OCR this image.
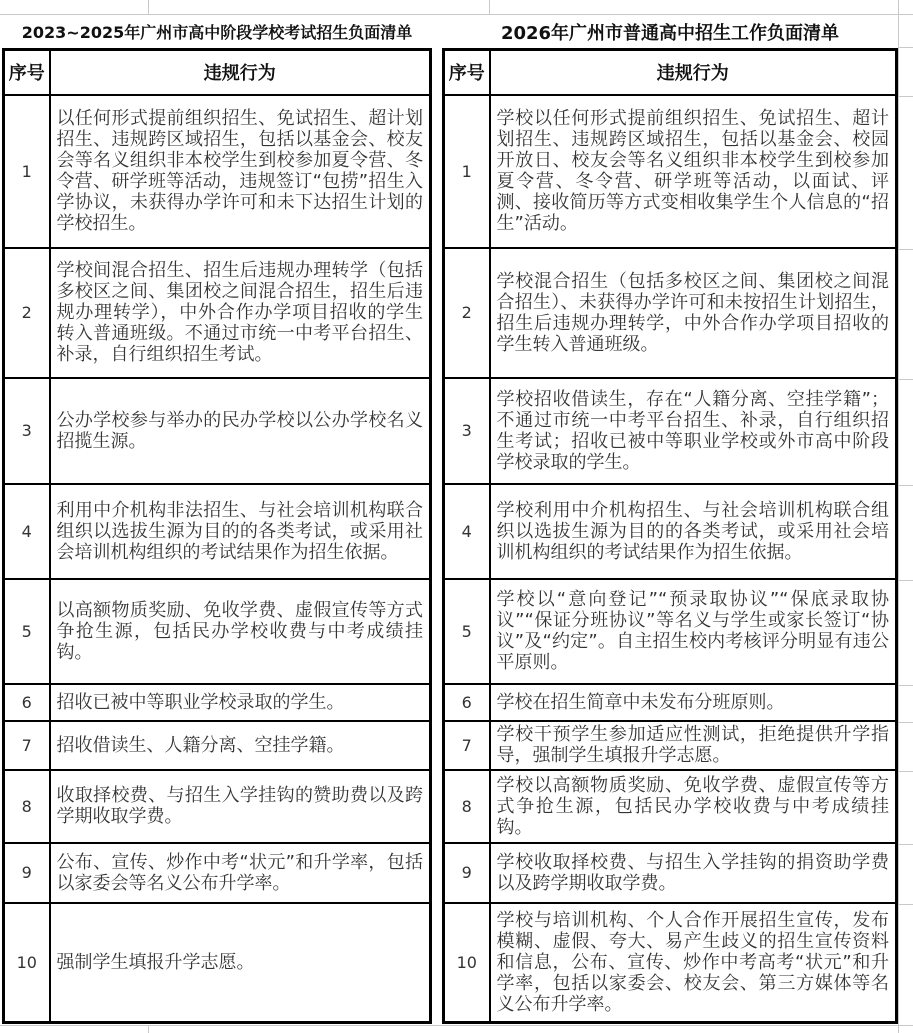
2023~2025年广州市高中阶段学校考试招生负面清单	2026年广州市普通高中招生工作负面清单
序号	违规行为
1	以任何形式提前组织招生、免试招生、超计划招生、违规跨区域招生，包括以基金会、校友会等名义组织非本校学生到校参加夏令营、冬令营、研学班等活动，违规签订“包捞”招生入学协议，未获得办学许可和未下达招生计划的学校招生。
2	学校间混合招生、招生后违规办理转学（包括多校区之间、集团校之间混合招生，招生后违规办理转学），中外合作办学项目招收的学生转入普通班级。不通过市统一中考平台招生、补录，自行组织招生考试。
3	公办学校参与举办的民办学校以公办学校名义招揽生源。
4	利用中介机构非法招生、与社会培训机构联合组织以选拔生源为目的的各类考试，或采用社会培训机构组织的考试结果作为招生依据。
5	以高额物质奖励、免收学费、虚假宣传等方式争抢生源，包括民办学校收费与中考成绩挂钩。
6	招收已被中等职业学校录取的学生。
7	招收借读生、人籍分离、空挂学籍。
8	收取择校费、与招生入学挂钩的赞助费以及跨学期收取学费。
9	公布、宣传、炒作中考“状元”和升学率，包括以家委会等名义公布升学率。
10	强制学生填报升学志愿。
序号	违规行为
1	学校以任何形式提前组织招生、免试招生、超计划招生、违规跨区域招生，包括以基金会、校园开放日、校友会等名义组织非本校学生到校参加夏令营、冬令营、研学班等活动，以面试、评测、接收简历等方式变相收集学生个人信息的“招生”活动。
2	学校混合招生（包括多校区之间、集团校之间混合招生）、未获得办学许可和未按招生计划招生，招生后违规办理转学，中外合作办学项目招收的学生转入普通班级。
3	学校招收借读生，存在“人籍分离、空挂学籍”；不通过市统一中考平台招生、补录，自行组织招生考试；招收已被中等职业学校或外市高中阶段学校录取的学生。
4	学校利用中介机构招生、与社会培训机构联合组织以选拔生源为目的的各类考试，或采用社会培训机构组织的考试结果作为招生依据。
5	学校以“意向登记”“预录取协议”“保底录取协议”“保证分班协议”等名义与学生或家长签订“协议”及“约定”。自主招生校内考核评分明显有违公平原则。
6	学校在招生简章中未发布分班原则。
7	学校干预学生参加适应性测试，拒绝提供升学指导，强制学生填报升学志愿。
8	学校以高额物质奖励、免收学费、虚假宣传等方式争抢生源，包括民办学校收费与中考成绩挂钩。
9	学校收取择校费、与招生入学挂钩的捐资助学费以及跨学期收取学费。
10	学校与培训机构、个人合作开展招生宣传，发布模糊、虚假、夸大、易产生歧义的招生宣传资料和信息，公布、宣传、炒作中考高考“状元”和升学率，包括以家委会、校友会、第三方媒体等名义公布升学率。
